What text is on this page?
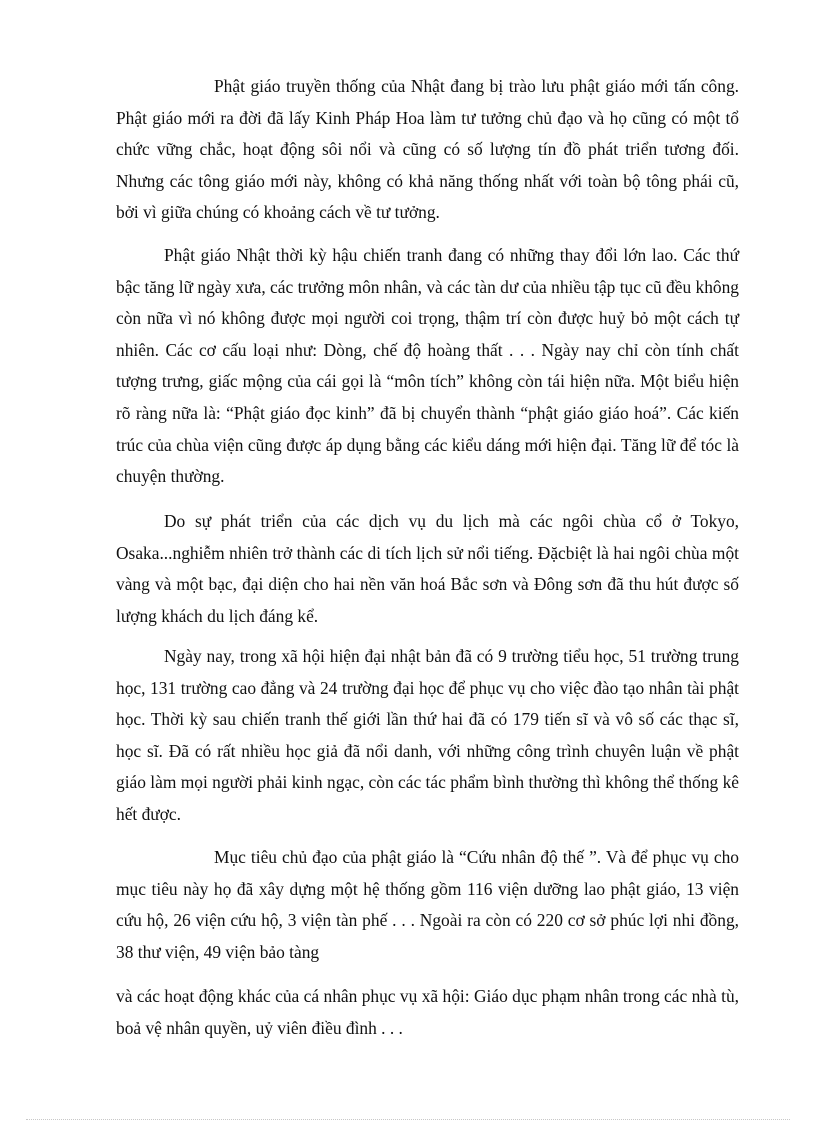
Phật giáo truyền thống của Nhật đang bị trào lưu phật giáo mới tấn công. Phật giáo mới ra đời đã lấy Kinh Pháp Hoa làm tư tưởng chủ đạo và họ cũng có một tổ chức vững chắc, hoạt động sôi nổi và cũng có số lượng tín đồ phát triển tương đối. Nhưng các tông giáo mới này, không có khả năng thống nhất với toàn bộ tông phái cũ, bởi vì giữa chúng có khoảng cách về tư tưởng.

Phật giáo Nhật thời kỳ hậu chiến tranh đang có những thay đổi lớn lao. Các thứ bậc tăng lữ ngày xưa, các trưởng môn nhân, và các tàn dư của nhiều tập tục cũ đều không còn nữa vì nó không được mọi người coi trọng, thậm trí còn được huỷ bỏ một cách tự nhiên. Các cơ cấu loại như: Dòng, chế độ hoàng thất . . . Ngày nay chỉ còn tính chất tượng trưng, giấc mộng của cái gọi là “môn tích” không còn tái hiện nữa. Một biểu hiện rõ ràng nữa là: “Phật giáo đọc kinh” đã bị chuyển thành “phật giáo giáo hoá”. Các kiến trúc của chùa viện cũng được áp dụng bằng các kiểu dáng mới hiện đại. Tăng lữ để tóc là chuyện thường.

Do sự phát triển của các dịch vụ du lịch mà các ngôi chùa cổ ở Tokyo, Osaka...nghiễm nhiên trở thành các di tích lịch sử nổi tiếng. Đặcbiệt là hai ngôi chùa một vàng và một bạc, đại diện cho hai nền văn hoá Bắc sơn và Đông sơn đã thu hút được số lượng khách du lịch đáng kể.

Ngày nay, trong xã hội hiện đại nhật bản đã có 9 trường tiểu học, 51 trường trung học, 131 trường cao đẳng và 24 trường đại học để phục vụ cho việc đào tạo nhân tài phật học. Thời kỳ sau chiến tranh thế giới lần thứ hai đã có 179 tiến sĩ và vô số các thạc sĩ, học sĩ. Đã có rất nhiều học giả đã nổi danh, với những công trình chuyên luận về phật giáo làm mọi người phải kinh ngạc, còn các tác phẩm bình thường thì không thể thống kê hết được.

Mục tiêu chủ đạo của phật giáo là “Cứu nhân độ thế ”. Và để phục vụ cho mục tiêu này họ đã xây dựng một hệ thống gồm 116 viện dưỡng lao phật giáo, 13 viện cứu hộ, 26 viện cứu hộ, 3 viện tàn phế . . . Ngoài ra còn có 220 cơ sở phúc lợi nhi đồng, 38 thư viện, 49 viện bảo tàng

và các hoạt động khác của cá nhân phục vụ xã hội: Giáo dục phạm nhân trong các nhà tù, boả vệ nhân quyền, uỷ viên điều đình . . .
